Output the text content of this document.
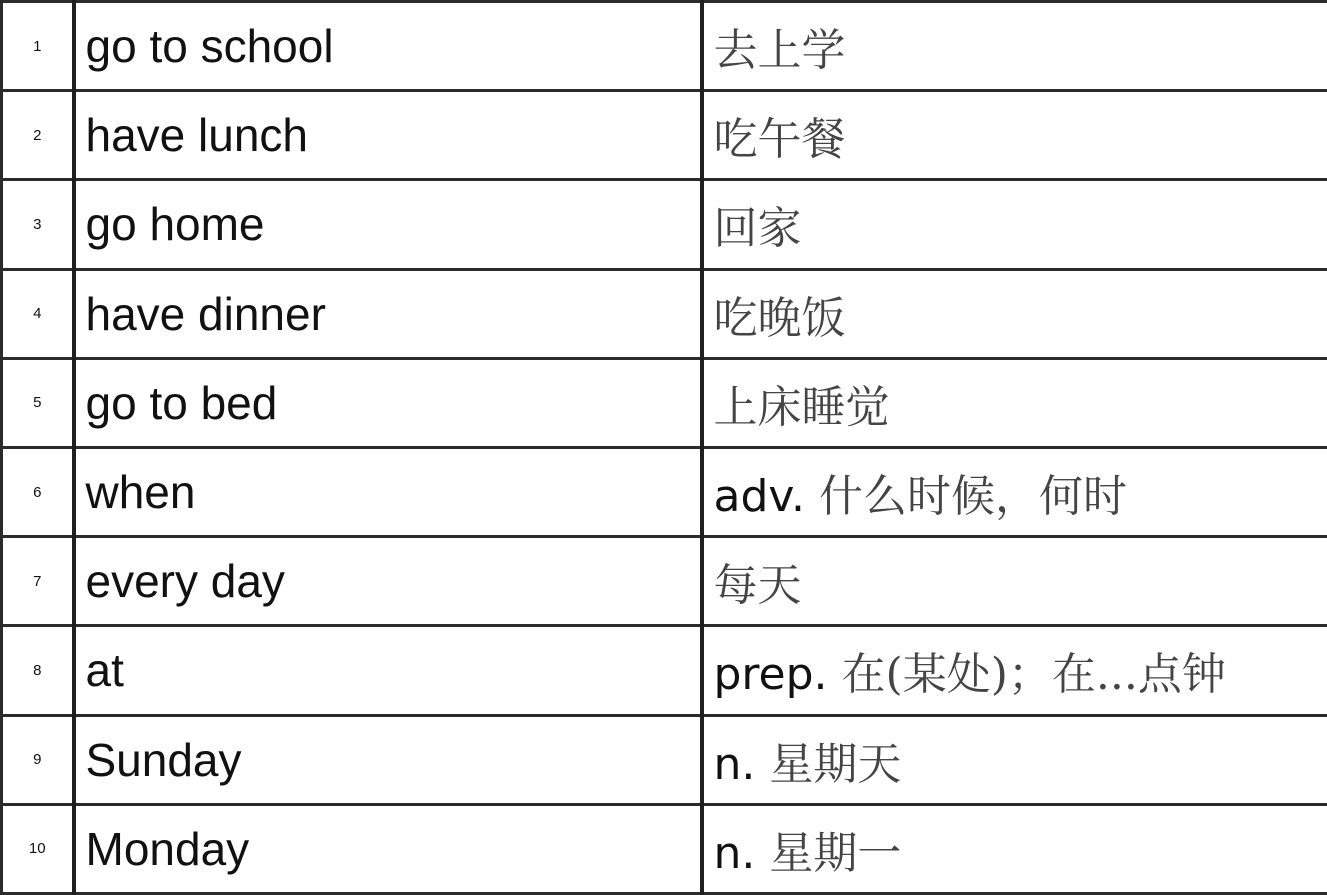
1	go to school	去上学
2	have lunch	吃午餐
3	go home	回家
4	have dinner	吃晚饭
5	go to bed	上床睡觉
6	when	adv. 什么时候，何时
7	every day	每天
8	at	prep. 在(某处)；在...点钟
9	Sunday	n. 星期天
10	Monday	n. 星期一
